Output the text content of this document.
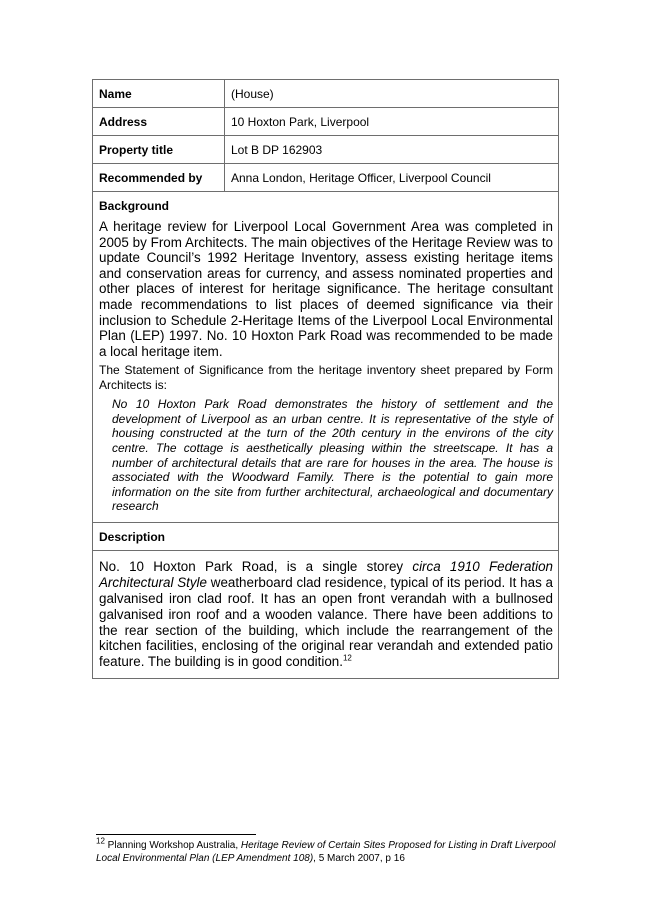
Name	(House)
Address	10 Hoxton Park, Liverpool
Property title	Lot B DP 162903
Recommended by	Anna London, Heritage Officer, Liverpool Council
Background	

A heritage review for Liverpool Local Government Area was completed in 2005 by From Architects. The main objectives of the Heritage Review was to update Council’s 1992 Heritage Inventory, assess existing heritage items and conservation areas for currency, and assess nominated properties and other places of interest for heritage significance. The heritage consultant made recommendations to list places of deemed significance via their inclusion to Schedule 2-Heritage Items of the Liverpool Local Environmental Plan (LEP) 1997. No. 10 Hoxton Park Road was recommended to be made a local heritage item.

The Statement of Significance from the heritage inventory sheet prepared by Form Architects is:

No 10 Hoxton Park Road demonstrates the history of settlement and the development of Liverpool as an urban centre. It is representative of the style of housing constructed at the turn of the 20th century in the environs of the city centre. The cottage is aesthetically pleasing within the streetscape. It has a number of architectural details that are rare for houses in the area. The house is associated with the Woodward Family. There is the potential to gain more information on the site from further architectural, archaeological and documentary research	

Description	

No. 10 Hoxton Park Road, is a single storey circa 1910 Federation Architectural Style weatherboard clad residence, typical of its period. It has a galvanised iron clad roof. It has an open front verandah with a bullnosed galvanised iron roof and a wooden valance. There have been additions to the rear section of the building, which include the rearrangement of the kitchen facilities, enclosing of the original rear verandah and extended patio feature. The building is in good condition.$^{12}$

$^{12}$ Planning Workshop Australia, Heritage Review of Certain Sites Proposed for Listing in Draft Liverpool Local Environmental Plan (LEP Amendment 108), 5 March 2007, p 16
